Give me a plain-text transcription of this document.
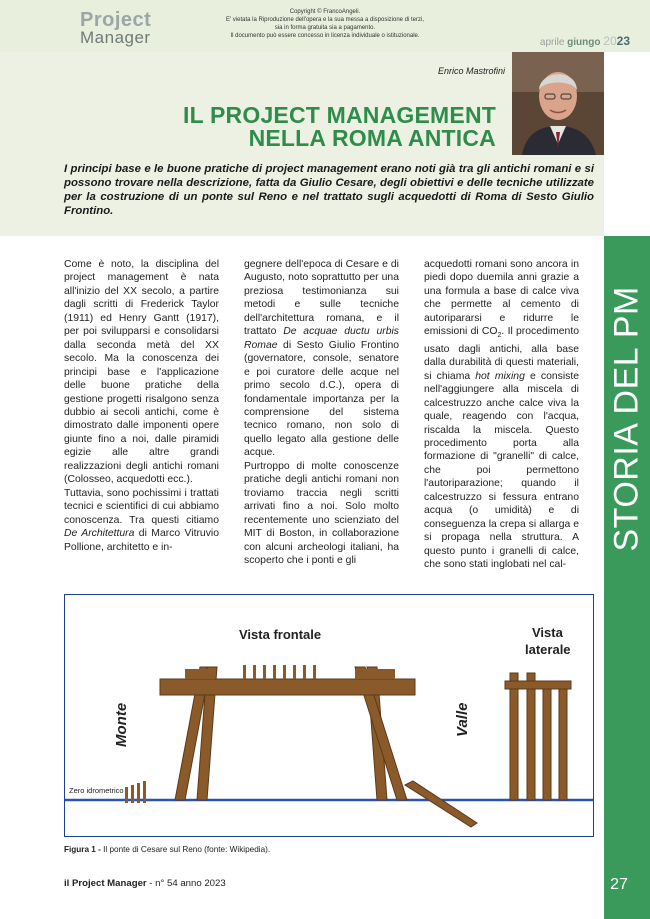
Project
Manager
Copyright © FrancoAngeli.
E' vietata la Riproduzione dell'opera e la sua messa a disposizione di terzi,
sia in forma gratuita sia a pagamento.
Il documento può essere concesso in licenza individuale o istituzionale.
aprile giungo 2023
Enrico Mastrofini
IL PROJECT MANAGEMENT
NELLA ROMA ANTICA
I principi base e le buone pratiche di project management erano noti già tra gli antichi romani e si possono trovare nella descrizione, fatta da Giulio Cesare, degli obiettivi e delle tecniche utilizzate per la costruzione di un ponte sul Reno e nel trattato sugli acquedotti di Roma di Sesto Giulio Frontino.
STORIA DEL PM

Come è noto, la disciplina del project management è nata all'inizio del XX secolo, a partire dagli scritti di Frederick Taylor (1911) ed Henry Gantt (1917), per poi svilupparsi e consolidarsi dalla seconda metà del XX secolo. Ma la conoscenza dei principi base e l'applicazione delle buone pratiche della gestione progetti risalgono senza dubbio ai secoli antichi, come è dimostrato dalle imponenti opere giunte fino a noi, dalle piramidi egizie alle altre grandi realizzazioni degli antichi romani (Colosseo, acquedotti ecc.).

Tuttavia, sono pochissimi i trattati tecnici e scientifici di cui abbiamo conoscenza. Tra questi citiamo De Architettura di Marco Vitruvio Pollione, architetto e in-

gegnere dell'epoca di Cesare e di Augusto, noto soprattutto per una preziosa testimonianza sui metodi e sulle tecniche dell'architettura romana, e il trattato De acquae ductu urbis Romae di Sesto Giulio Frontino (governatore, console, senatore e poi curatore delle acque nel primo secolo d.C.), opera di fondamentale importanza per la comprensione del sistema tecnico romano, non solo di quello legato alla gestione delle acque.

Purtroppo di molte conoscenze pratiche degli antichi romani non troviamo traccia negli scritti arrivati fino a noi. Solo molto recentemente uno scienziato del MIT di Boston, in collaborazione con alcuni archeologi italiani, ha scoperto che i ponti e gli

acquedotti romani sono ancora in piedi dopo duemila anni grazie a una formula a base di calce viva che permette al cemento di autoripararsi e ridurre le emissioni di $CO_2$. Il procedimento usato dagli antichi, alla base dalla durabilità di questi materiali, si chiama hot mixing e consiste nell'aggiungere alla miscela di calcestruzzo anche calce viva la quale, reagendo con l'acqua, riscalda la miscela. Questo procedimento porta alla formazione di "granelli" di calce, che poi permettono l'autoriparazione; quando il calcestruzzo si fessura entrano acqua (o umidità) e di conseguenza la crepa si allarga e si propaga nella struttura. A questo punto i granelli di calce, che sono stati inglobati nel cal-

Vista frontale	Vista
laterale
Monte	Valle
Zero idrometrico
Figura 1 - Il ponte di Cesare sul Reno (fonte: Wikipedia).
il Project Manager - n° 54 anno 2023	27
